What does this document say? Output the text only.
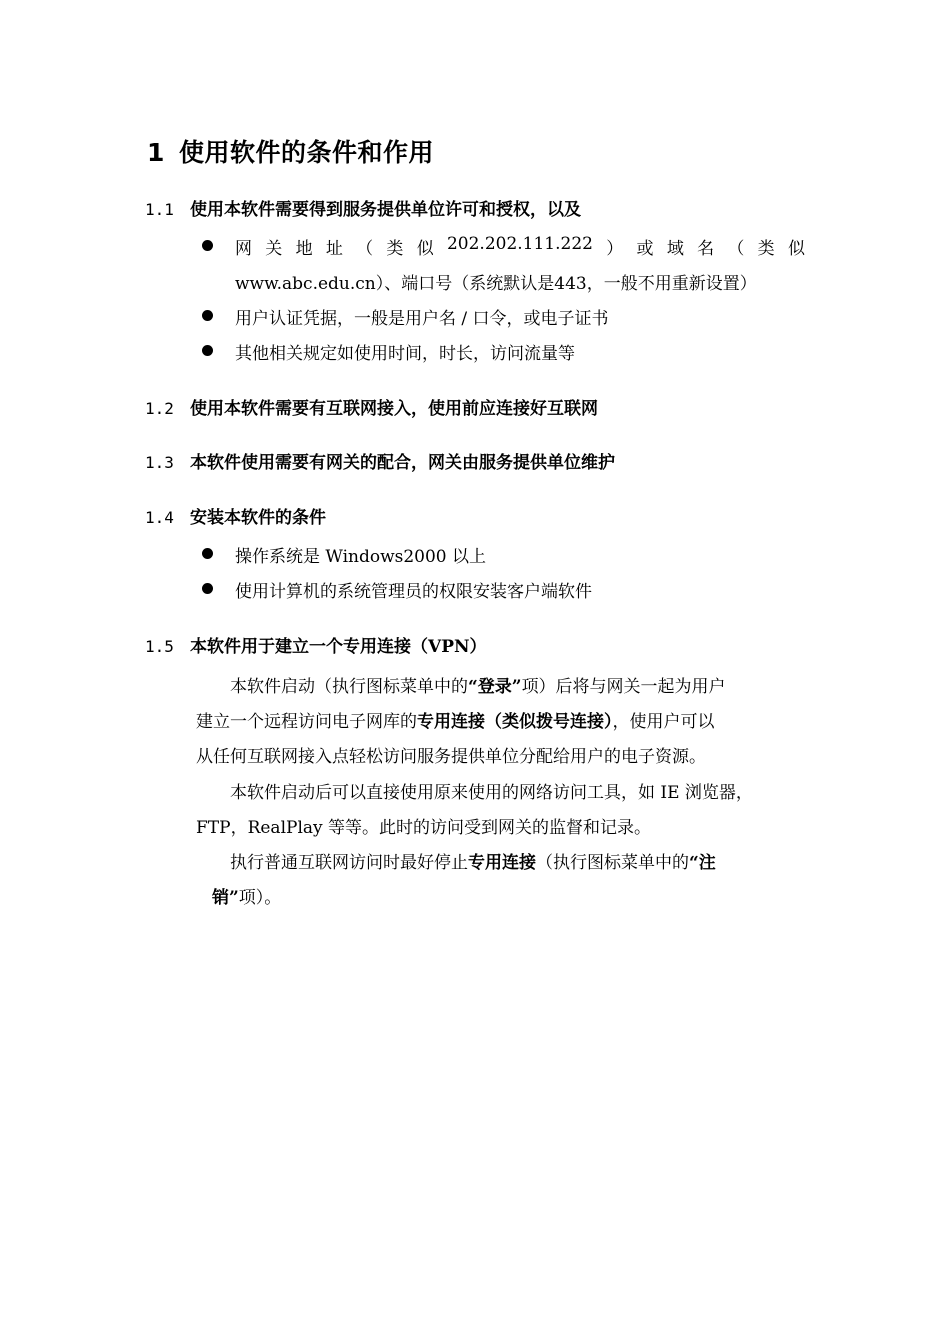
1 使用软件的条件和作用
1.1 使用本软件需要得到服务提供单位许可和授权，以及
网 关 地 址 （ 类 似 202.202.111.222 ） 或 域 名 （ 类 似
www.abc.edu.cn）、端口号（系统默认是443，一般不用重新设置）
用户认证凭据，一般是用户名 / 口令，或电子证书
其他相关规定如使用时间，时长，访问流量等
1.2 使用本软件需要有互联网接入，使用前应连接好互联网
1.3 本软件使用需要有网关的配合，网关由服务提供单位维护
1.4 安装本软件的条件
操作系统是 Windows2000 以上
使用计算机的系统管理员的权限安装客户端软件
1.5 本软件用于建立一个专用连接（VPN）
本软件启动（执行图标菜单中的“登录”项）后将与网关一起为用户
建立一个远程访问电子网库的专用连接（类似拨号连接），使用户可以
从任何互联网接入点轻松访问服务提供单位分配给用户的电子资源。
本软件启动后可以直接使用原来使用的网络访问工具，如 IE 浏览器，
FTP，RealPlay 等等。此时的访问受到网关的监督和记录。
执行普通互联网访问时最好停止专用连接（执行图标菜单中的“注
销”项）。
